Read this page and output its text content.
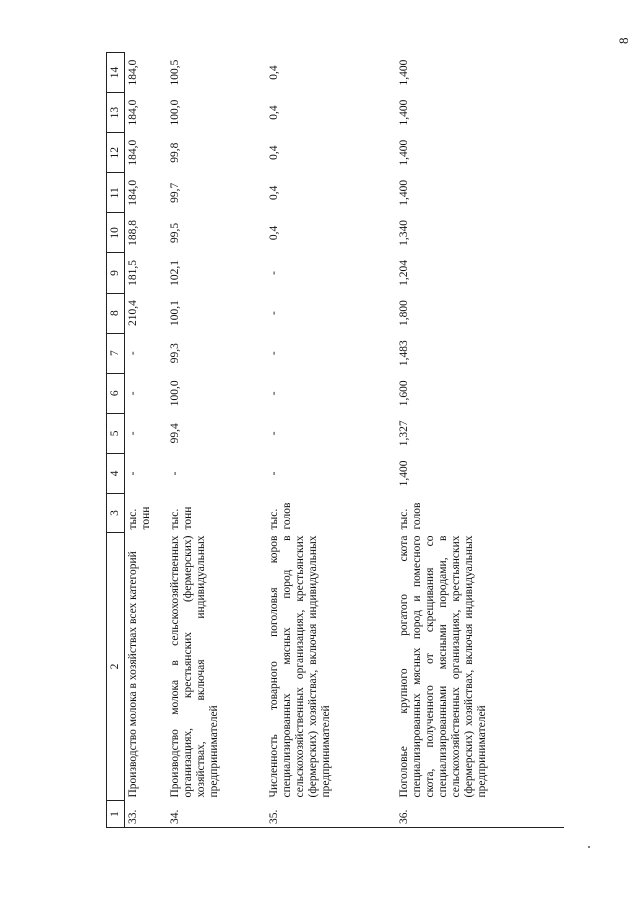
8
1	2	3	4	5	6	7	8	9	10	11	12	13	14
33.	Производство молока в хозяйствах всех категорий	тыс. тонн	-	-	-	-	210,4	181,5	188,8	184,0	184,0	184,0	184,0
34.	Производство молока в сельскохозяйственных организациях, крестьянских (фермерских) хозяйствах, включая индивидуальных предпринимателей	тыс. тонн	-	99,4	100,0	99,3	100,1	102,1	99,5	99,7	99,8	100,0	100,5
35.	Численность товарного поголовья коров специализированных мясных пород в сельскохозяйственных организациях, крестьянских (фермерских) хозяйствах, включая индивидуальных предпринимателей	тыс. голов	-	-	-	-	-	-	0,4	0,4	0,4	0,4	0,4
36.	Поголовье крупного рогатого скота специализированных мясных пород и помесного скота, полученного от скрещивания со специализированными мясными породами, в сельскохозяйственных организациях, крестьянских (фермерских) хозяйствах, включая индивидуальных предпринимателей	тыс. голов	1,400	1,327	1,600	1,483	1,800	1,204	1,340	1,400	1,400	1,400	1,400
